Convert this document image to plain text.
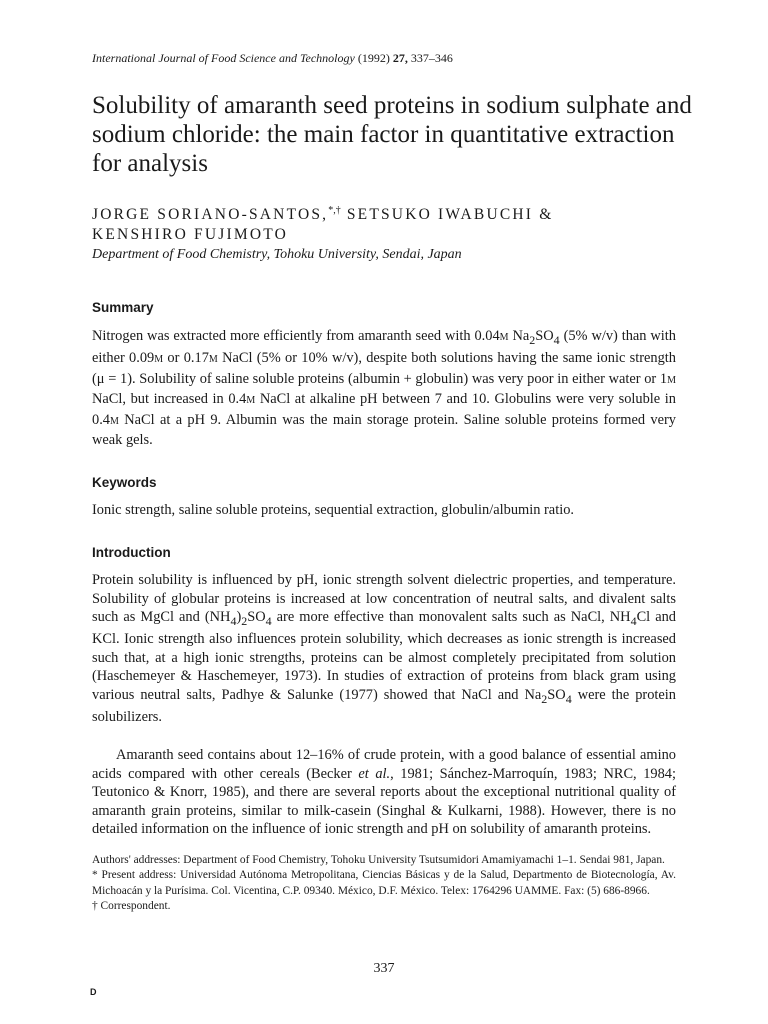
International Journal of Food Science and Technology (1992) 27, 337–346
Solubility of amaranth seed proteins in sodium sulphate and sodium chloride: the main factor in quantitative extraction for analysis
JORGE SORIANO-SANTOS,*,† SETSUKO IWABUCHI &
KENSHIRO FUJIMOTO
Department of Food Chemistry, Tohoku University, Sendai, Japan
Summary

Nitrogen was extracted more efficiently from amaranth seed with 0.04M $Na_2SO_4$ (5% w/v) than with either 0.09M or 0.17M NaCl (5% or 10% w/v), despite both solutions having the same ionic strength (μ = 1). Solubility of saline soluble proteins (albumin + globulin) was very poor in either water or 1M NaCl, but increased in 0.4M NaCl at alkaline pH between 7 and 10. Globulins were very soluble in 0.4M NaCl at a pH 9. Albumin was the main storage protein. Saline soluble proteins formed very weak gels.

Keywords

Ionic strength, saline soluble proteins, sequential extraction, globulin/albumin ratio.

Introduction

Protein solubility is influenced by pH, ionic strength solvent dielectric properties, and temperature. Solubility of globular proteins is increased at low concentration of neutral salts, and divalent salts such as MgCl and $(NH_4)_2SO_4$ are more effective than monovalent salts such as NaCl, $NH_4Cl$ and KCl. Ionic strength also influences protein solubility, which decreases as ionic strength is increased such that, at a high ionic strengths, proteins can be almost completely precipitated from solution (Haschemeyer & Haschemeyer, 1973). In studies of extraction of proteins from black gram using various neutral salts, Padhye & Salunke (1977) showed that NaCl and $Na_2SO_4$ were the protein solubilizers.

Amaranth seed contains about 12–16% of crude protein, with a good balance of essential amino acids compared with other cereals (Becker et al., 1981; Sánchez-Marroquín, 1983; NRC, 1984; Teutonico & Knorr, 1985), and there are several reports about the exceptional nutritional quality of amaranth grain proteins, similar to milk-casein (Singhal & Kulkarni, 1988). However, there is no detailed information on the influence of ionic strength and pH on solubility of amaranth proteins.

Authors' addresses: Department of Food Chemistry, Tohoku University Tsutsumidori Amamiyamachi 1–1. Sendai 981, Japan.

* Present address: Universidad Autónoma Metropolitana, Ciencias Básicas y de la Salud, Departmento de Biotecnología, Av. Michoacán y la Purísima. Col. Vicentina, C.P. 09340. México, D.F. México. Telex: 1764296 UAMME. Fax: (5) 686-8966.

† Correspondent.

337
D
